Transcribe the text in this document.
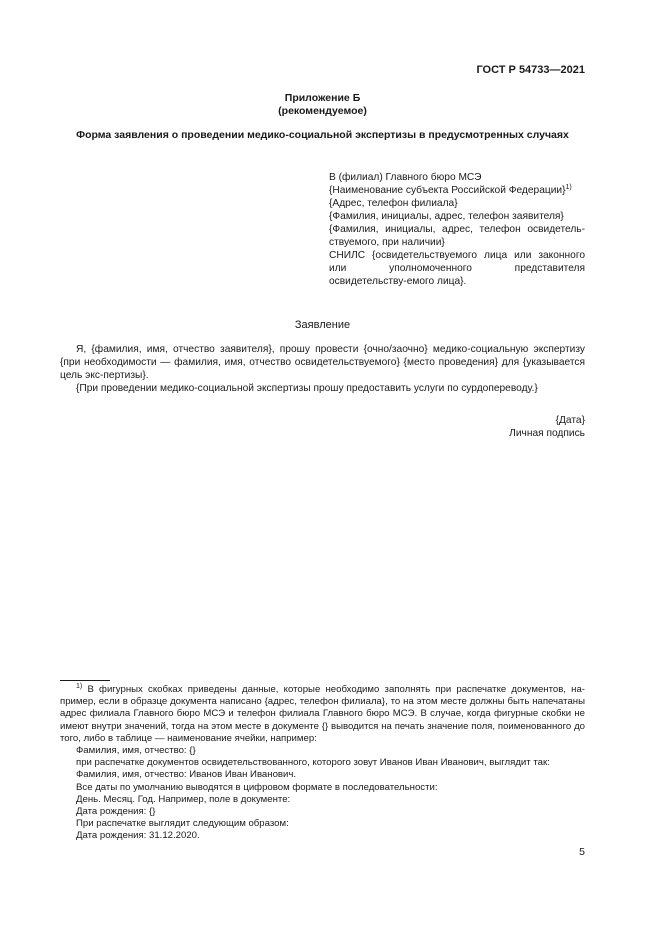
ГОСТ Р 54733—2021
Приложение Б
(рекомендуемое)
Форма заявления о проведении медико-социальной экспертизы в предусмотренных случаях
В (филиал) Главного бюро МСЭ
{Наименование субъекта Российской Федерации}$^{1)}$
{Адрес, телефон филиала}
{Фамилия, инициалы, адрес, телефон заявителя}
{Фамилия, инициалы, адрес, телефон освидетель-ствуемого, при наличии}
СНИЛС {освидетельствуемого лица или законного или уполномоченного представителя освидетельству-емого лица}.
Заявление

Я, {фамилия, имя, отчество заявителя}, прошу провести {очно/заочно} медико-социальную экспертизу {при необходимости — фамилия, имя, отчество освидетельствуемого} {место проведения} для {указывается цель экс-пертизы}.

{При проведении медико-социальной экспертизы прошу предоставить услуги по сурдопереводу.}

{Дата}
Личная подпись

$^{1)}$ В фигурных скобках приведены данные, которые необходимо заполнять при распечатке документов, на-пример, если в образце документа написано {адрес, телефон филиала}, то на этом месте должны быть напечатаны адрес филиала Главного бюро МСЭ и телефон филиала Главного бюро МСЭ. В случае, когда фигурные скобки не имеют внутри значений, тогда на этом месте в документе {} выводится на печать значение поля, поименованного до того, либо в таблице — наименование ячейки, например:

Фамилия, имя, отчество: {}

при распечатке документов освидетельствованного, которого зовут Иванов Иван Иванович, выглядит так:

Фамилия, имя, отчество: Иванов Иван Иванович.

Все даты по умолчанию выводятся в цифровом формате в последовательности:

День. Месяц. Год. Например, поле в документе:

Дата рождения: {}

При распечатке выглядит следующим образом:

Дата рождения: 31.12.2020.

5
